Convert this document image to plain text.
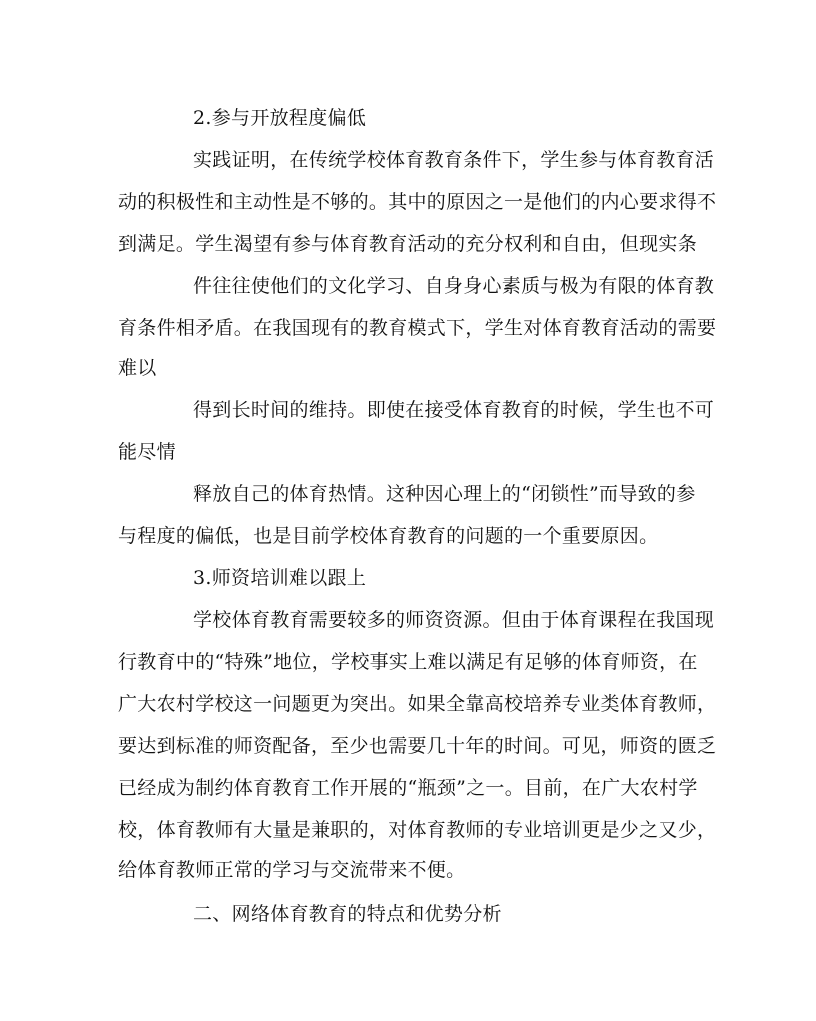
2.参与开放程度偏低
实践证明，在传统学校体育教育条件下，学生参与体育教育活
动的积极性和主动性是不够的。其中的原因之一是他们的内心要求得不
到满足。学生渴望有参与体育教育活动的充分权利和自由，但现实条
件往往使他们的文化学习、自身身心素质与极为有限的体育教
育条件相矛盾。在我国现有的教育模式下，学生对体育教育活动的需要
难以
得到长时间的维持。即使在接受体育教育的时候，学生也不可
能尽情
释放自己的体育热情。这种因心理上的“闭锁性”而导致的参
与程度的偏低，也是目前学校体育教育的问题的一个重要原因。
3.师资培训难以跟上
学校体育教育需要较多的师资资源。但由于体育课程在我国现
行教育中的“特殊”地位，学校事实上难以满足有足够的体育师资，在
广大农村学校这一问题更为突出。如果全靠高校培养专业类体育教师，
要达到标准的师资配备，至少也需要几十年的时间。可见，师资的匮乏
已经成为制约体育教育工作开展的“瓶颈”之一。目前，在广大农村学
校，体育教师有大量是兼职的，对体育教师的专业培训更是少之又少，
给体育教师正常的学习与交流带来不便。
二、网络体育教育的特点和优势分析
